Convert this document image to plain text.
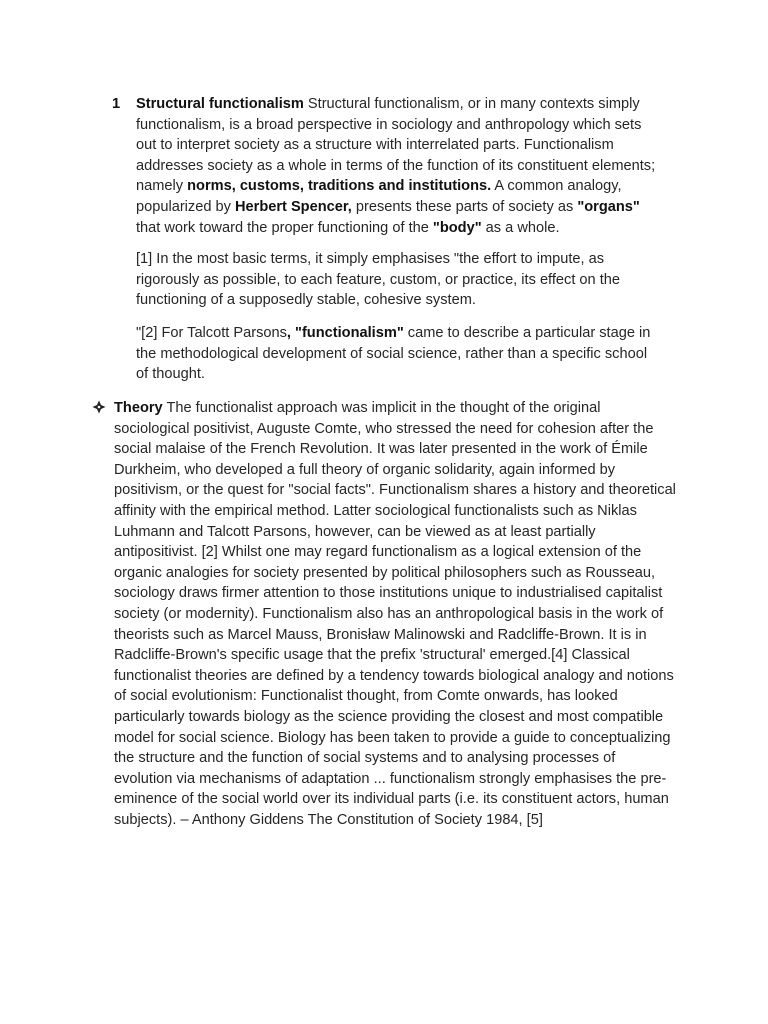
1 Structural functionalism Structural functionalism, or in many contexts simply functionalism, is a broad perspective in sociology and anthropology which sets out to interpret society as a structure with interrelated parts. Functionalism addresses society as a whole in terms of the function of its constituent elements; namely norms, customs, traditions and institutions. A common analogy, popularized by Herbert Spencer, presents these parts of society as "organs" that work toward the proper functioning of the "body" as a whole.
[1] In the most basic terms, it simply emphasises "the effort to impute, as rigorously as possible, to each feature, custom, or practice, its effect on the functioning of a supposedly stable, cohesive system.
"[2] For Talcott Parsons, "functionalism" came to describe a particular stage in the methodological development of social science, rather than a specific school of thought.
Theory The functionalist approach was implicit in the thought of the original sociological positivist, Auguste Comte, who stressed the need for cohesion after the social malaise of the French Revolution. It was later presented in the work of Émile Durkheim, who developed a full theory of organic solidarity, again informed by positivism, or the quest for "social facts". Functionalism shares a history and theoretical affinity with the empirical method. Latter sociological functionalists such as Niklas Luhmann and Talcott Parsons, however, can be viewed as at least partially antipositivist. [2] Whilst one may regard functionalism as a logical extension of the organic analogies for society presented by political philosophers such as Rousseau, sociology draws firmer attention to those institutions unique to industrialised capitalist society (or modernity). Functionalism also has an anthropological basis in the work of theorists such as Marcel Mauss, Bronisław Malinowski and Radcliffe-Brown. It is in Radcliffe-Brown's specific usage that the prefix 'structural' emerged.[4] Classical functionalist theories are defined by a tendency towards biological analogy and notions of social evolutionism: Functionalist thought, from Comte onwards, has looked particularly towards biology as the science providing the closest and most compatible model for social science. Biology has been taken to provide a guide to conceptualizing the structure and the function of social systems and to analysing processes of evolution via mechanisms of adaptation ... functionalism strongly emphasises the pre-eminence of the social world over its individual parts (i.e. its constituent actors, human subjects). – Anthony Giddens The Constitution of Society 1984, [5]
